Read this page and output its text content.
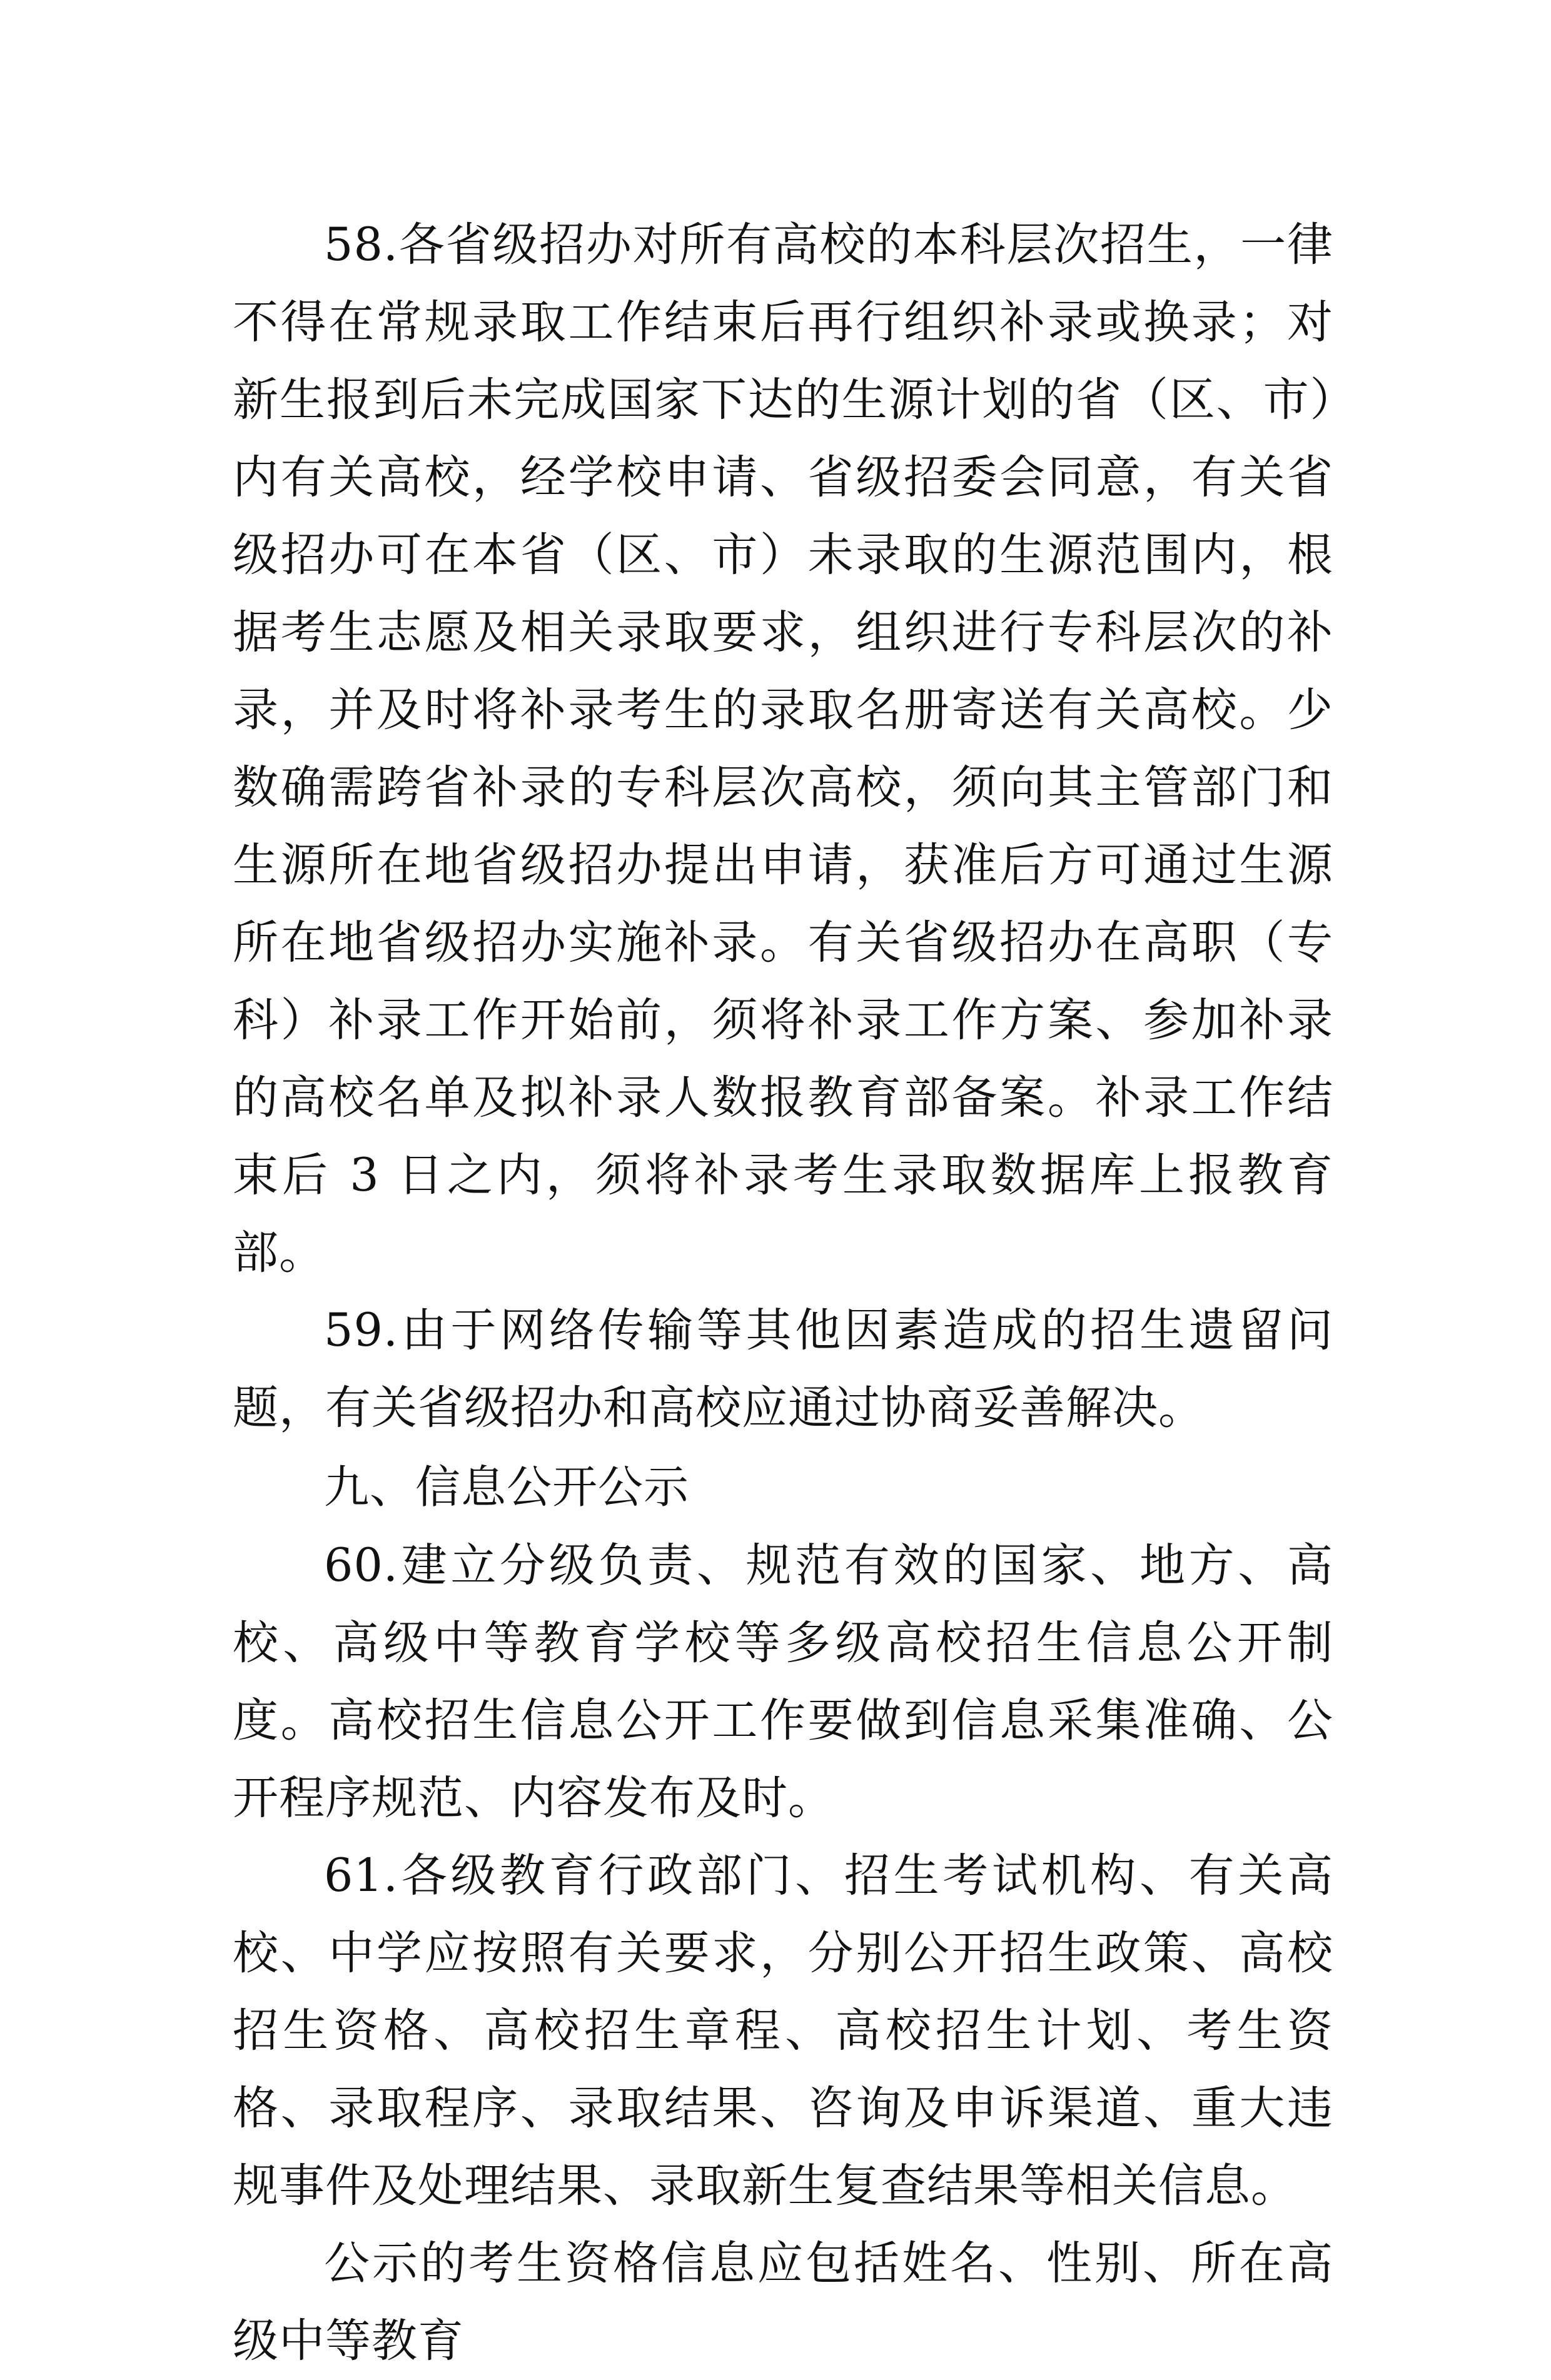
58.各省级招办对所有高校的本科层次招生，一律不得在常规录取工作结束后再行组织补录或换录；对新生报到后未完成国家下达的生源计划的省（区、市）内有关高校，经学校申请、省级招委会同意，有关省级招办可在本省（区、市）未录取的生源范围内，根据考生志愿及相关录取要求，组织进行专科层次的补录，并及时将补录考生的录取名册寄送有关高校。少数确需跨省补录的专科层次高校，须向其主管部门和生源所在地省级招办提出申请，获准后方可通过生源所在地省级招办实施补录。有关省级招办在高职（专科）补录工作开始前，须将补录工作方案、参加补录的高校名单及拟补录人数报教育部备案。补录工作结束后 3 日之内，须将补录考生录取数据库上报教育部。

59.由于网络传输等其他因素造成的招生遗留问题，有关省级招办和高校应通过协商妥善解决。

九、信息公开公示

60.建立分级负责、规范有效的国家、地方、高校、高级中等教育学校等多级高校招生信息公开制度。高校招生信息公开工作要做到信息采集准确、公开程序规范、内容发布及时。

61.各级教育行政部门、招生考试机构、有关高校、中学应按照有关要求，分别公开招生政策、高校招生资格、高校招生章程、高校招生计划、考生资格、录取程序、录取结果、咨询及申诉渠道、重大违规事件及处理结果、录取新生复查结果等相关信息。

公示的考生资格信息应包括姓名、性别、所在高级中等教育
